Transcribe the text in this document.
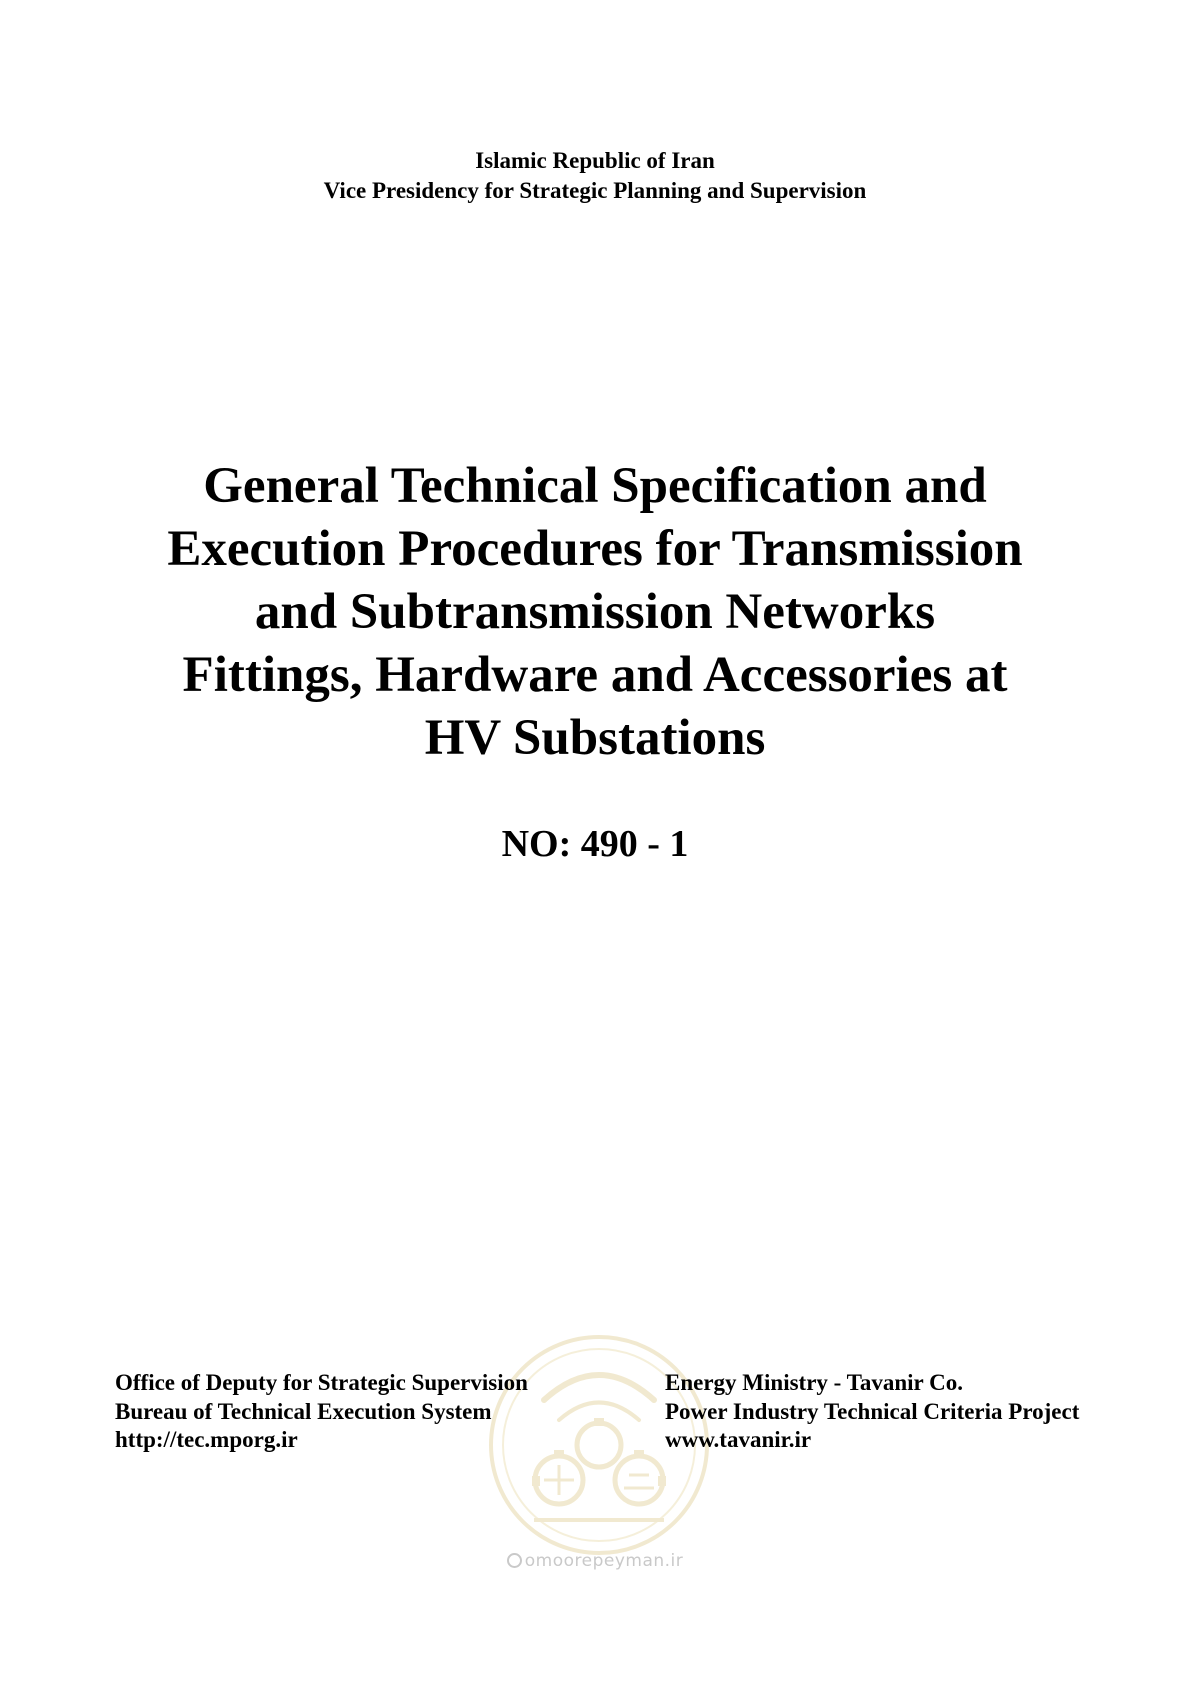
Islamic Republic of Iran
Vice Presidency for Strategic Planning and Supervision
General Technical Specification and
Execution Procedures for Transmission
and Subtransmission Networks
Fittings, Hardware and Accessories at
HV Substations
NO: 490 - 1
Office of Deputy for Strategic Supervision
Bureau of Technical Execution System
http://tec.mporg.ir
Energy Ministry - Tavanir Co.
Power Industry Technical Criteria Project
www.tavanir.ir
omoorepeyman.ir
